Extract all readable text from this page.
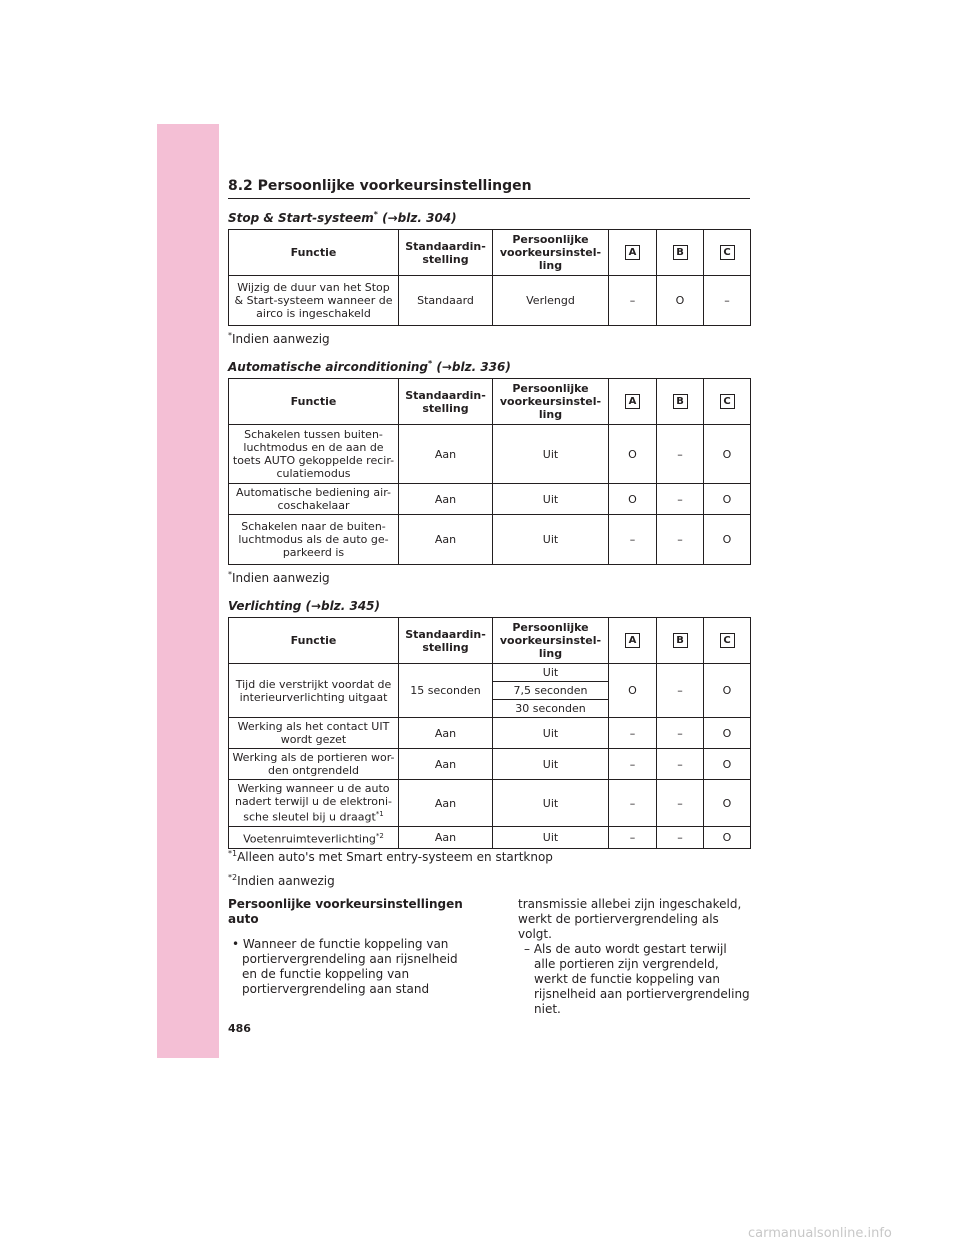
8.2 Persoonlijke voorkeursinstellingen
Stop & Start-systeem* (→blz. 304)
Functie	Standaardin-stelling	Persoonlijke voorkeursinstel-ling	A	B	C
Wijzig de duur van het Stop & Start-systeem wanneer de airco is ingeschakeld	Standaard	Verlengd	–	O	–
*Indien aanwezig
Automatische airconditioning* (→blz. 336)
Functie	Standaardin-stelling	Persoonlijke voorkeursinstel-ling	A	B	C
Schakelen tussen buiten-luchtmodus en de aan de toets AUTO gekoppelde recir-culatiemodus	Aan	Uit	O	–	O
Automatische bediening air-coschakelaar	Aan	Uit	O	–	O
Schakelen naar de buiten-luchtmodus als de auto ge-parkeerd is	Aan	Uit	–	–	O
*Indien aanwezig
Verlichting (→blz. 345)
Functie	Standaardin-stelling	Persoonlijke voorkeursinstel-ling	A	B	C
Tijd die verstrijkt voordat de interieurverlichting uitgaat	15 seconden	Uit	O	–	O
		7,5 seconden			
		30 seconden			
Werking als het contact UIT wordt gezet	Aan	Uit	–	–	O
Werking als de portieren wor-den ontgrendeld	Aan	Uit	–	–	O
Werking wanneer u de auto nadert terwijl u de elektroni-sche sleutel bij u draagt$^{*1}$	Aan	Uit	–	–	O
Voetenruimteverlichting$^{*2}$	Aan	Uit	–	–	O
$^{*1}$Alleen auto's met Smart entry-systeem en startknop
$^{*2}$Indien aanwezig

Persoonlijke voorkeursinstellingen auto

• Wanneer de functie koppeling van portiervergrendeling aan rijsnelheid en de functie koppeling van portiervergrendeling aan stand

transmissie allebei zijn ingeschakeld, werkt de portiervergrendeling als volgt.

– Als de auto wordt gestart terwijl alle portieren zijn vergrendeld, werkt de functie koppeling van rijsnelheid aan portiervergrendeling niet.

486
carmanualsonline.info
